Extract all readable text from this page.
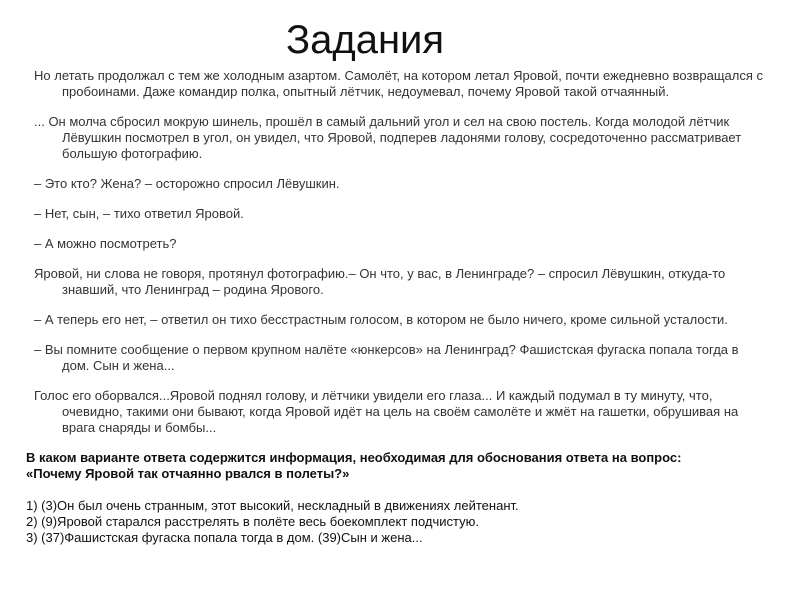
Задания

Но летать продолжал с тем же холодным азартом. Самолёт, на котором летал Яровой, почти ежедневно возвращался с пробоинами. Даже командир полка, опытный лётчик, недоумевал, почему Яровой такой отчаянный.

... Он молча сбросил мокрую шинель, прошёл в самый дальний угол и сел на свою постель. Когда молодой лётчик Лёвушкин посмотрел в угол, он увидел, что Яровой, подперев ладонями голову, сосредоточенно рассматривает большую фотографию.

– Это кто? Жена? – осторожно спросил Лёвушкин.

– Нет, сын, – тихо ответил Яровой.

– А можно посмотреть?

Яровой, ни слова не говоря, протянул фотографию.– Он что, у вас, в Ленинграде? – спросил Лёвушкин, откуда-то знавший, что Ленинград – родина Ярового.

– А теперь его нет, – ответил он тихо бесстрастным голосом, в котором не было ничего, кроме сильной усталости.

– Вы помните сообщение о первом крупном налёте «юнкерсов» на Ленинград? Фашистская фугаска попала тогда в дом. Сын и жена...

Голос его оборвался...Яровой поднял голову, и лётчики увидели его глаза... И каждый подумал в ту минуту, что, очевидно, такими они бывают, когда Яровой идёт на цель на своём самолёте и жмёт на гашетки, обрушивая на врага снаряды и бомбы...

В каком варианте ответа содержится информация, необходимая для обоснования ответа на вопрос:
«Почему Яровой так отчаянно рвался в полеты?»
1) (3)Он был очень странным, этот высокий, нескладный в движениях лейтенант.
2) (9)Яровой старался расстрелять в полёте весь боекомплект подчистую.
3) (37)Фашистская фугаска попала тогда в дом. (39)Сын и жена...
